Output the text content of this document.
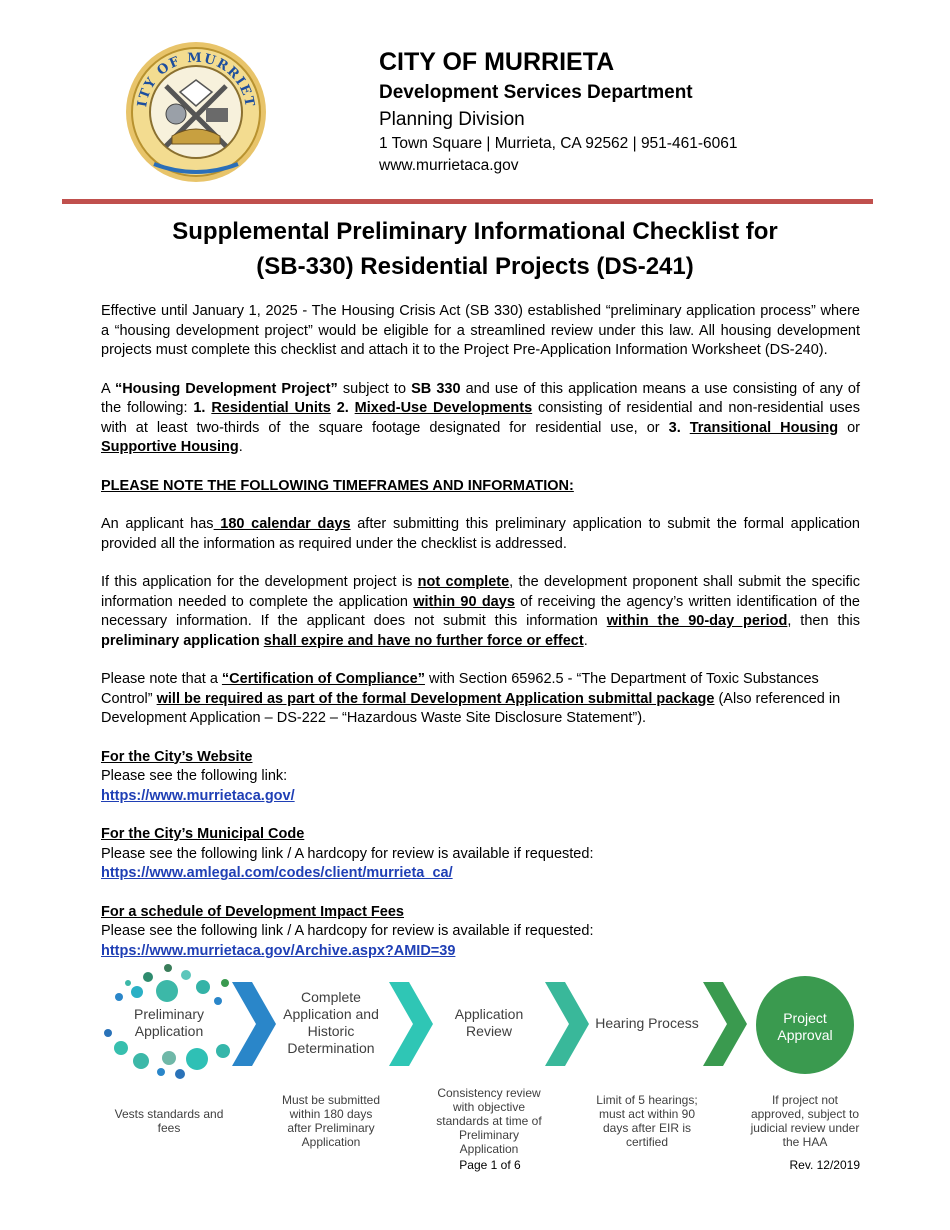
ITY OF MURRIET
CITY OF MURRIETA
Development Services Department
Planning Division
1 Town Square | Murrieta, CA 92562 | 951-461-6061
www.murrietaca.gov
Supplemental Preliminary Informational Checklist for
(SB-330) Residential Projects (DS-241)

Effective until January 1, 2025 - The Housing Crisis Act (SB 330) established “preliminary application process” where a “housing development project” would be eligible for a streamlined review under this law. All housing development projects must complete this checklist and attach it to the Project Pre-Application Information Worksheet (DS-240).

A “Housing Development Project” subject to SB 330 and use of this application means a use consisting of any of the following: 1. Residential Units 2. Mixed-Use Developments consisting of residential and non-residential uses with at least two-thirds of the square footage designated for residential use, or 3. Transitional Housing or Supportive Housing.

PLEASE NOTE THE FOLLOWING TIMEFRAMES AND INFORMATION:

An applicant has 180 calendar days after submitting this preliminary application to submit the formal application provided all the information as required under the checklist is addressed.

If this application for the development project is not complete, the development proponent shall submit the specific information needed to complete the application within 90 days of receiving the agency’s written identification of the necessary information. If the applicant does not submit this information within the 90-day period, then this preliminary application shall expire and have no further force or effect.

Please note that a “Certification of Compliance” with Section 65962.5 - “The Department of Toxic Substances Control” will be required as part of the formal Development Application submittal package (Also referenced in Development Application – DS-222 – “Hazardous Waste Site Disclosure Statement”).

For the City’s Website
Please see the following link:
https://www.murrietaca.gov/
For the City’s Municipal Code
Please see the following link / A hardcopy for review is available if requested:
https://www.amlegal.com/codes/client/murrieta_ca/
For a schedule of Development Impact Fees
Please see the following link / A hardcopy for review is available if requested:
https://www.murrietaca.gov/Archive.aspx?AMID=39
Preliminary Application
Complete Application and Historic Determination
Application Review	Hearing Process	Project Approval
Vests standards and fees
Must be submitted within 180 days after Preliminary Application
Consistency review with objective standards at time of Preliminary Application
Limit of 5 hearings; must act within 90 days after EIR is certified
If project not approved, subject to judicial review under the HAA
Page 1 of 6	Rev. 12/2019
